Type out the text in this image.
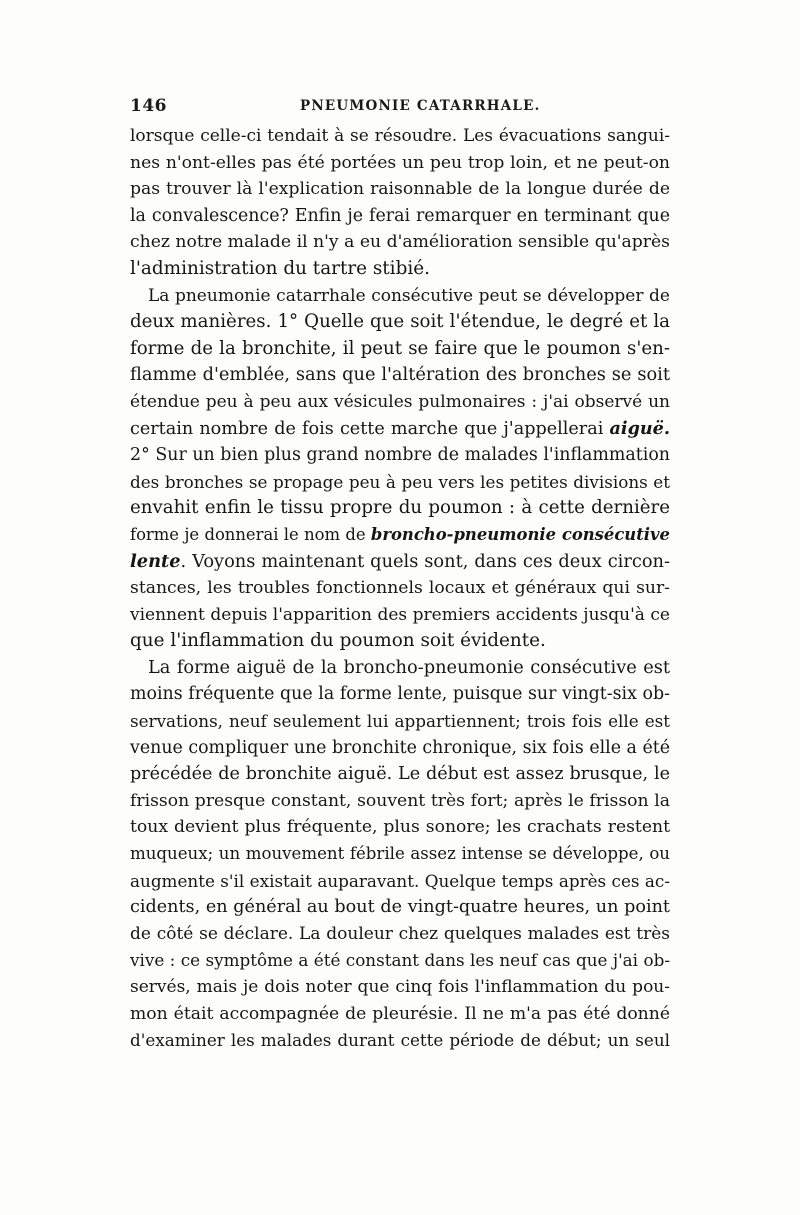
146	PNEUMONIE CATARRHALE.
lorsque celle-ci tendait à se résoudre. Les évacuations sangui-
nes n'ont-elles pas été portées un peu trop loin, et ne peut-on
pas trouver là l'explication raisonnable de la longue durée de
la convalescence? Enfin je ferai remarquer en terminant que
chez notre malade il n'y a eu d'amélioration sensible qu'après
l'administration du tartre stibié.
La pneumonie catarrhale consécutive peut se développer de
deux manières. 1° Quelle que soit l'étendue, le degré et la
forme de la bronchite, il peut se faire que le poumon s'en-
flamme d'emblée, sans que l'altération des bronches se soit
étendue peu à peu aux vésicules pulmonaires : j'ai observé un
certain nombre de fois cette marche que j'appellerai aiguë.
2° Sur un bien plus grand nombre de malades l'inflammation
des bronches se propage peu à peu vers les petites divisions et
envahit enfin le tissu propre du poumon : à cette dernière
forme je donnerai le nom de broncho-pneumonie consécutive
lente. Voyons maintenant quels sont, dans ces deux circon-
stances, les troubles fonctionnels locaux et généraux qui sur-
viennent depuis l'apparition des premiers accidents jusqu'à ce
que l'inflammation du poumon soit évidente.
La forme aiguë de la broncho-pneumonie consécutive est
moins fréquente que la forme lente, puisque sur vingt-six ob-
servations, neuf seulement lui appartiennent; trois fois elle est
venue compliquer une bronchite chronique, six fois elle a été
précédée de bronchite aiguë. Le début est assez brusque, le
frisson presque constant, souvent très fort; après le frisson la
toux devient plus fréquente, plus sonore; les crachats restent
muqueux; un mouvement fébrile assez intense se développe, ou
augmente s'il existait auparavant. Quelque temps après ces ac-
cidents, en général au bout de vingt-quatre heures, un point
de côté se déclare. La douleur chez quelques malades est très
vive : ce symptôme a été constant dans les neuf cas que j'ai ob-
servés, mais je dois noter que cinq fois l'inflammation du pou-
mon était accompagnée de pleurésie. Il ne m'a pas été donné
d'examiner les malades durant cette période de début; un seul
